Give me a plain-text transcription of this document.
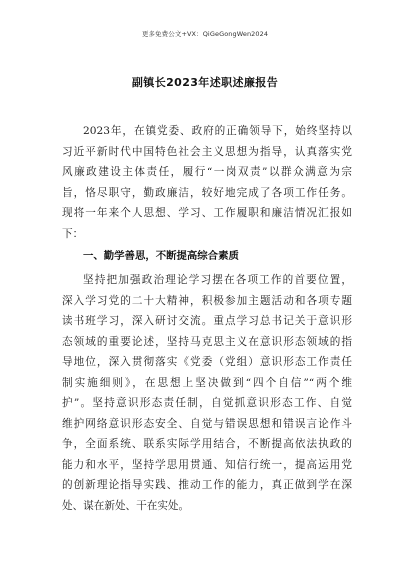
更多免费公文+VX：QiGeGongWen2024
副镇长2023年述职述廉报告
2023年，在镇党委、政府的正确领导下，始终坚持以
习近平新时代中国特色社会主义思想为指导，认真落实党
风廉政建设主体责任，履行“一岗双责”以群众满意为宗
旨，恪尽职守，勤政廉洁，较好地完成了各项工作任务。
现将一年来个人思想、学习、工作履职和廉洁情况汇报如
下：
一、勤学善思，不断提高综合素质
坚持把加强政治理论学习摆在各项工作的首要位置，
深入学习党的二十大精神，积极参加主题活动和各项专题
读书班学习，深入研讨交流。重点学习总书记关于意识形
态领域的重要论述，坚持马克思主义在意识形态领域的指
导地位，深入贯彻落实《党委（党组）意识形态工作责任
制实施细则》，在思想上坚决做到“四个自信”“两个维
护”。坚持意识形态责任制，自觉抓意识形态工作、自觉
维护网络意识形态安全、自觉与错误思想和错误言论作斗
争，全面系统、联系实际学用结合，不断提高依法执政的
能力和水平，坚持学思用贯通、知信行统一，提高运用党
的创新理论指导实践、推动工作的能力，真正做到学在深
处、谋在新处、干在实处。
